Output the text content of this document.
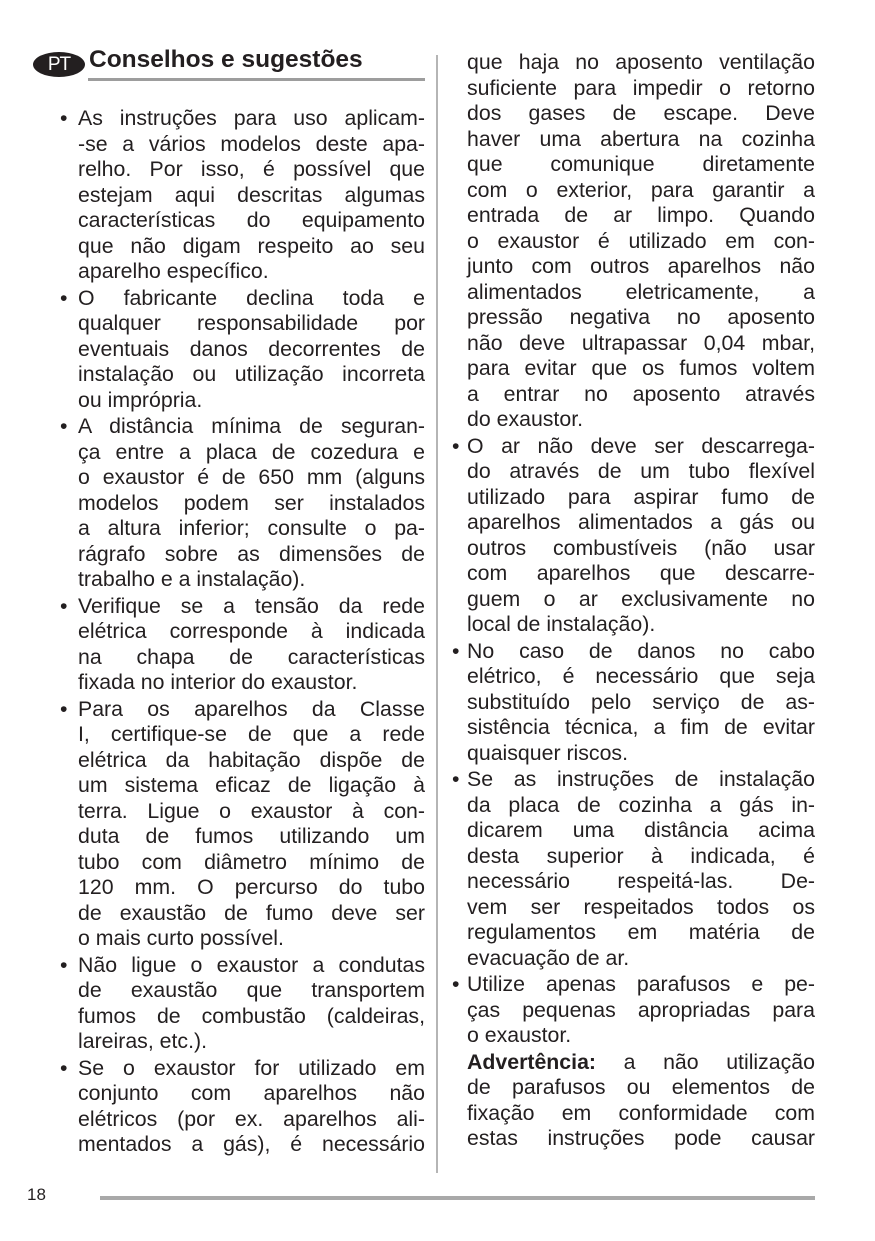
PT Conselhos e sugestões
• As instruções para uso aplicam-
-se a vários modelos deste apa-
relho. Por isso, é possível que
estejam aqui descritas algumas
características do equipamento
que não digam respeito ao seu
aparelho específico.
• O fabricante declina toda e
qualquer responsabilidade por
eventuais danos decorrentes de
instalação ou utilização incorreta
ou imprópria.
• A distância mínima de seguran-
ça entre a placa de cozedura e
o exaustor é de 650 mm (alguns
modelos podem ser instalados
a altura inferior; consulte o pa-
rágrafo sobre as dimensões de
trabalho e a instalação).
• Verifique se a tensão da rede
elétrica corresponde à indicada
na chapa de características
fixada no interior do exaustor.
• Para os aparelhos da Classe
I, certifique-se de que a rede
elétrica da habitação dispõe de
um sistema eficaz de ligação à
terra. Ligue o exaustor à con-
duta de fumos utilizando um
tubo com diâmetro mínimo de
120 mm. O percurso do tubo
de exaustão de fumo deve ser
o mais curto possível.
• Não ligue o exaustor a condutas
de exaustão que transportem
fumos de combustão (caldeiras,
lareiras, etc.).
• Se o exaustor for utilizado em
conjunto com aparelhos não
elétricos (por ex. aparelhos ali-
mentados a gás), é necessário
que haja no aposento ventilação
suficiente para impedir o retorno
dos gases de escape. Deve
haver uma abertura na cozinha
que comunique diretamente
com o exterior, para garantir a
entrada de ar limpo. Quando
o exaustor é utilizado em con-
junto com outros aparelhos não
alimentados eletricamente, a
pressão negativa no aposento
não deve ultrapassar 0,04 mbar,
para evitar que os fumos voltem
a entrar no aposento através
do exaustor.
• O ar não deve ser descarrega-
do através de um tubo flexível
utilizado para aspirar fumo de
aparelhos alimentados a gás ou
outros combustíveis (não usar
com aparelhos que descarre-
guem o ar exclusivamente no
local de instalação).
• No caso de danos no cabo
elétrico, é necessário que seja
substituído pelo serviço de as-
sistência técnica, a fim de evitar
quaisquer riscos.
• Se as instruções de instalação
da placa de cozinha a gás in-
dicarem uma distância acima
desta superior à indicada, é
necessário respeitá-las. De-
vem ser respeitados todos os
regulamentos em matéria de
evacuação de ar.
• Utilize apenas parafusos e pe-
ças pequenas apropriadas para
o exaustor.
Advertência: a não utilização
de parafusos ou elementos de
fixação em conformidade com
estas instruções pode causar
18
